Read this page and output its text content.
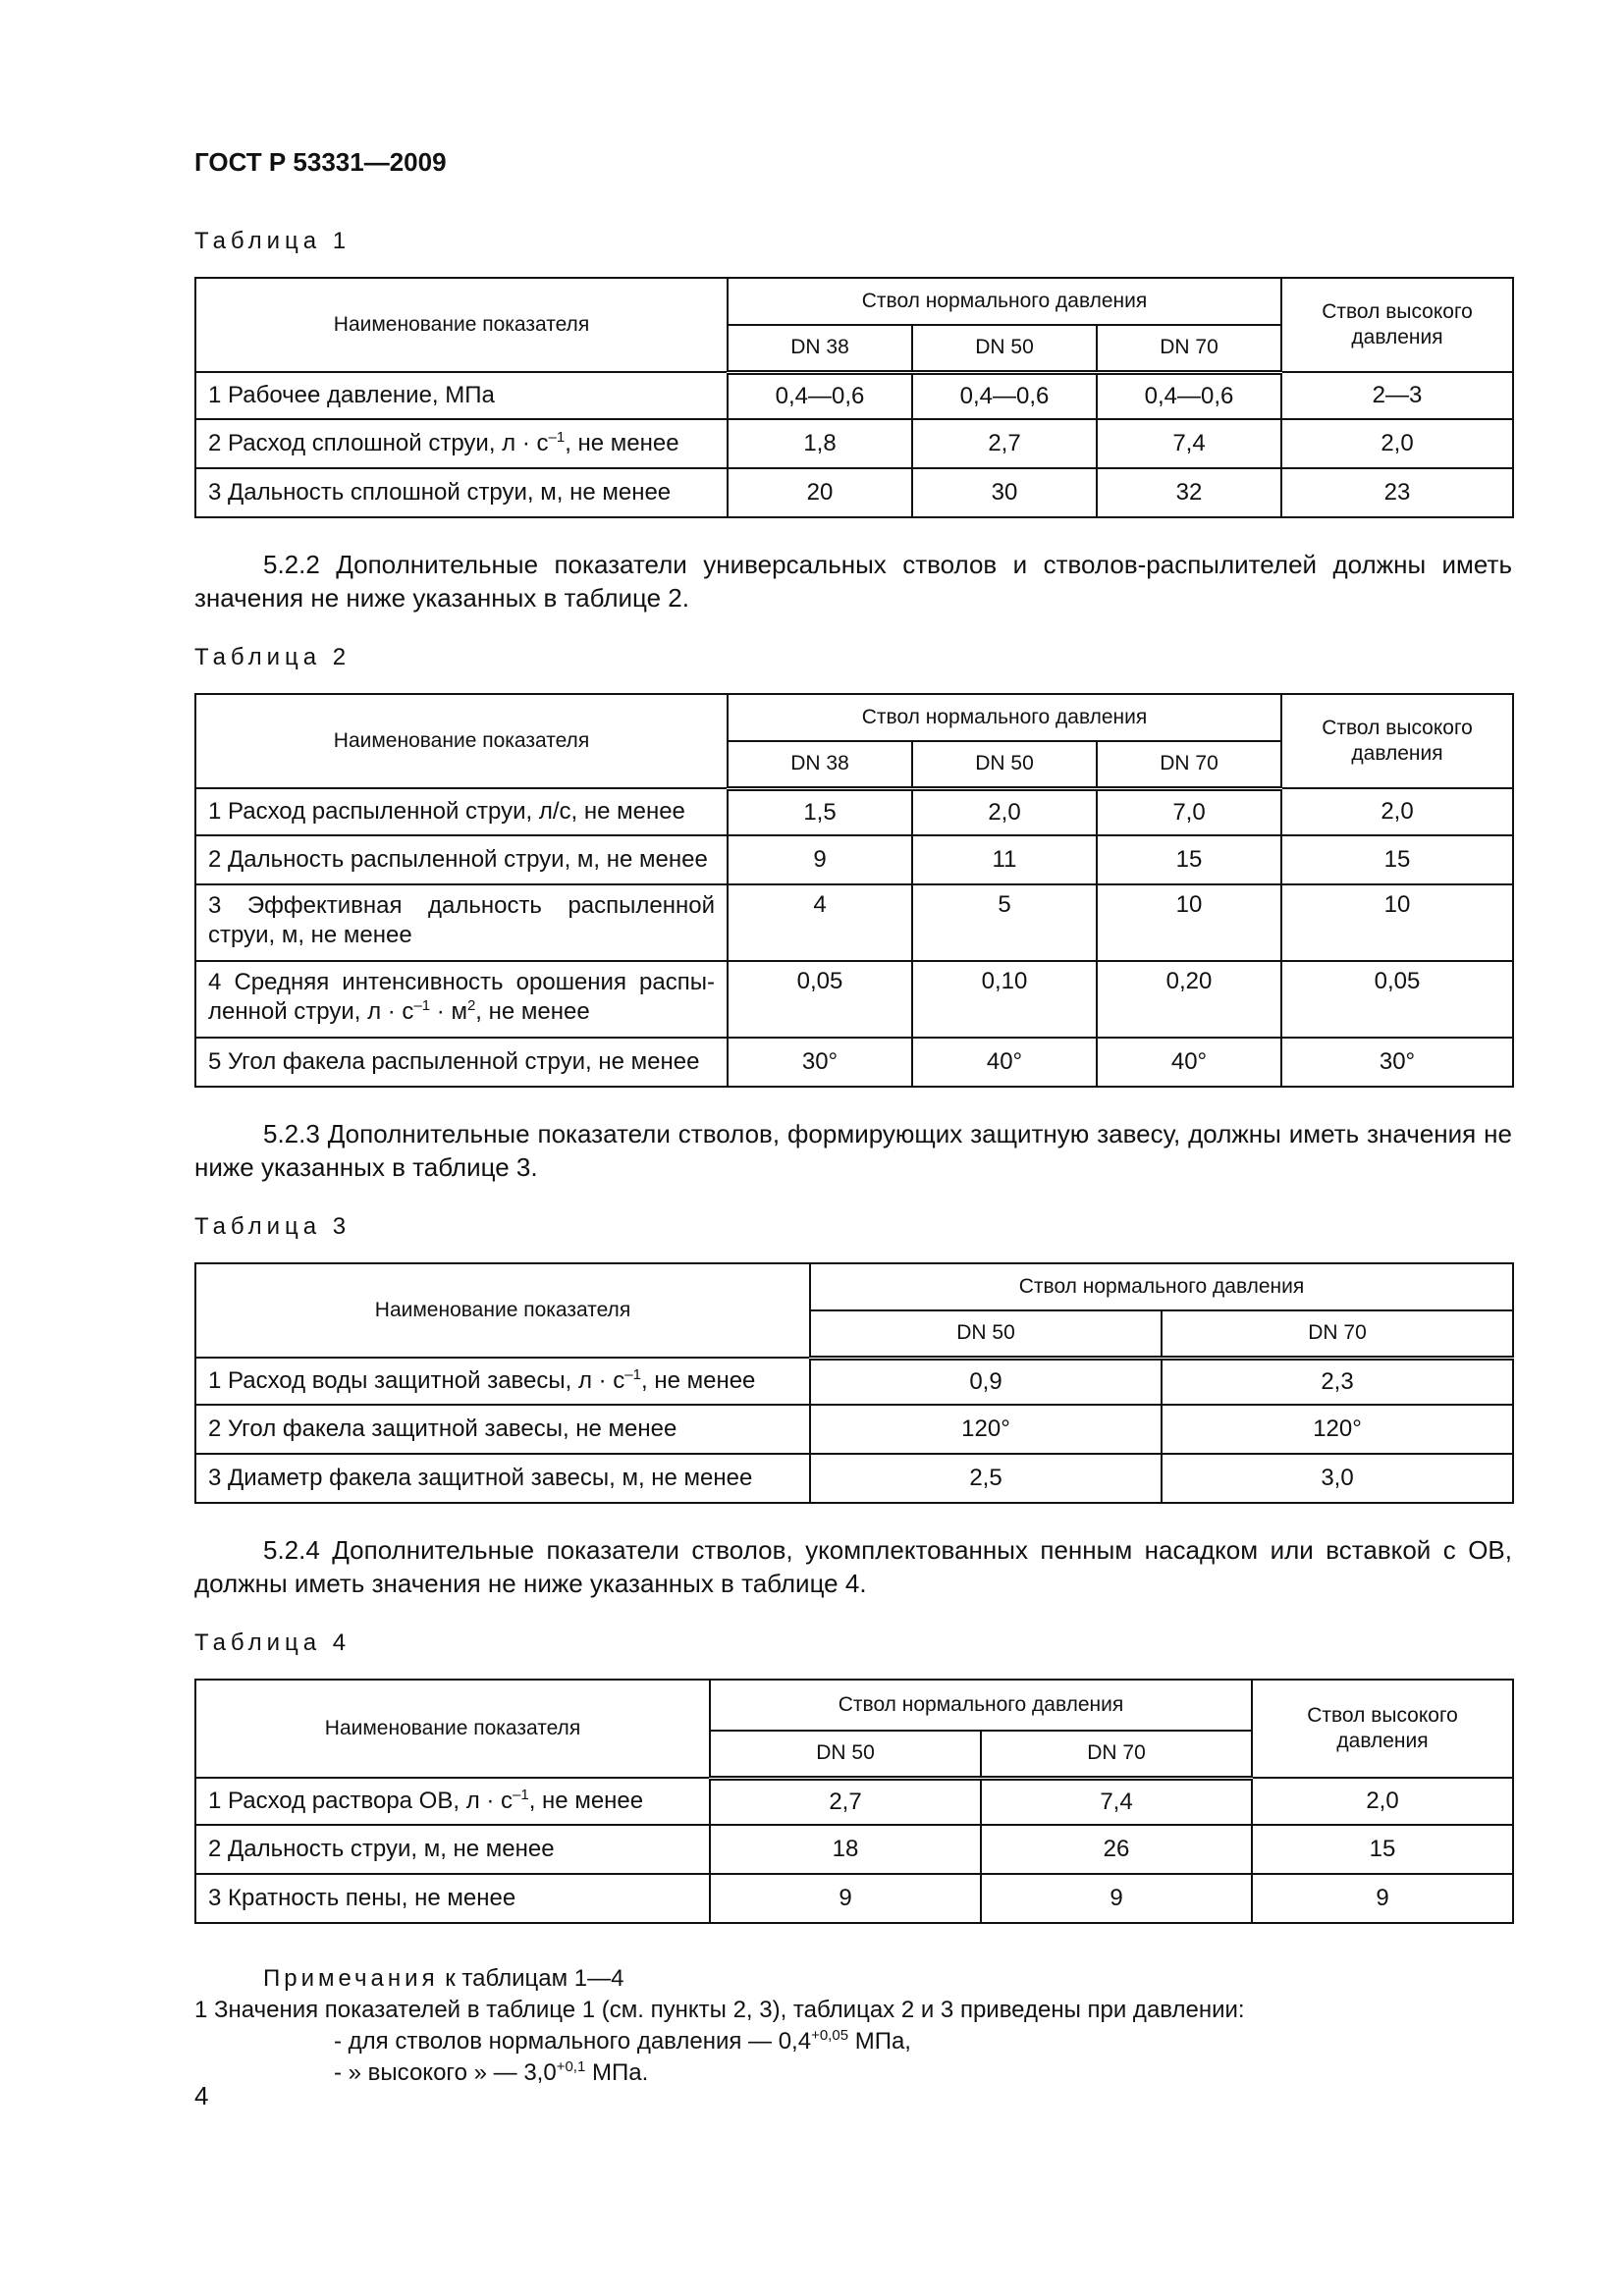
ГОСТ Р 53331—2009
Таблица 1
Наименование показателя	Ствол нормального давления			Ствол высокого давления
	DN 38	DN 50	DN 70	
1 Рабочее давление, МПа	0,4—0,6	0,4—0,6	0,4—0,6	2—3
2 Расход сплошной струи, $л \cdot с^{-1}$, не менее	1,8	2,7	7,4	2,0
3 Дальность сплошной струи, м, не менее	20	30	32	23
5.2.2 Дополнительные показатели универсальных стволов и стволов-распылителей должны иметь значения не ниже указанных в таблице 2.
Таблица 2
Наименование показателя	Ствол нормального давления			Ствол высокого давления
	DN 38	DN 50	DN 70	
1 Расход распыленной струи, л/с, не менее	1,5	2,0	7,0	2,0
2 Дальность распыленной струи, м, не менее	9	11	15	15

3 Эффективная дальность распыленной
струи, м, не менее	4	5	10	10

4 Средняя интенсивность орошения распы-
ленной струи, $л \cdot с^{-1} \cdot м^2$, не менее	0,05	0,10	0,20	0,05
5 Угол факела распыленной струи, не менее	30°	40°	40°	30°
5.2.3 Дополнительные показатели стволов, формирующих защитную завесу, должны иметь значения не ниже указанных в таблице 3.
Таблица 3
Наименование показателя	Ствол нормального давления	
	DN 50	DN 70
1 Расход воды защитной завесы, $л \cdot с^{-1}$, не менее	0,9	2,3
2 Угол факела защитной завесы, не менее	120°	120°
3 Диаметр факела защитной завесы, м, не менее	2,5	3,0
5.2.4 Дополнительные показатели стволов, укомплектованных пенным насадком или вставкой с ОВ, должны иметь значения не ниже указанных в таблице 4.
Таблица 4
Наименование показателя	Ствол нормального давления		Ствол высокого давления
	DN 50	DN 70	
1 Расход раствора ОВ, $л \cdot с^{-1}$, не менее	2,7	7,4	2,0
2 Дальность струи, м, не менее	18	26	15
3 Кратность пены, не менее	9	9	9
Примечания к таблицам 1—4
1 Значения показателей в таблице 1 (см. пункты 2, 3), таблицах 2 и 3 приведены при давлении:
- для стволов нормального давления — $0,4^{+0,05}$ МПа,
- » высокого » — $3,0^{+0,1}$ МПа.
4
